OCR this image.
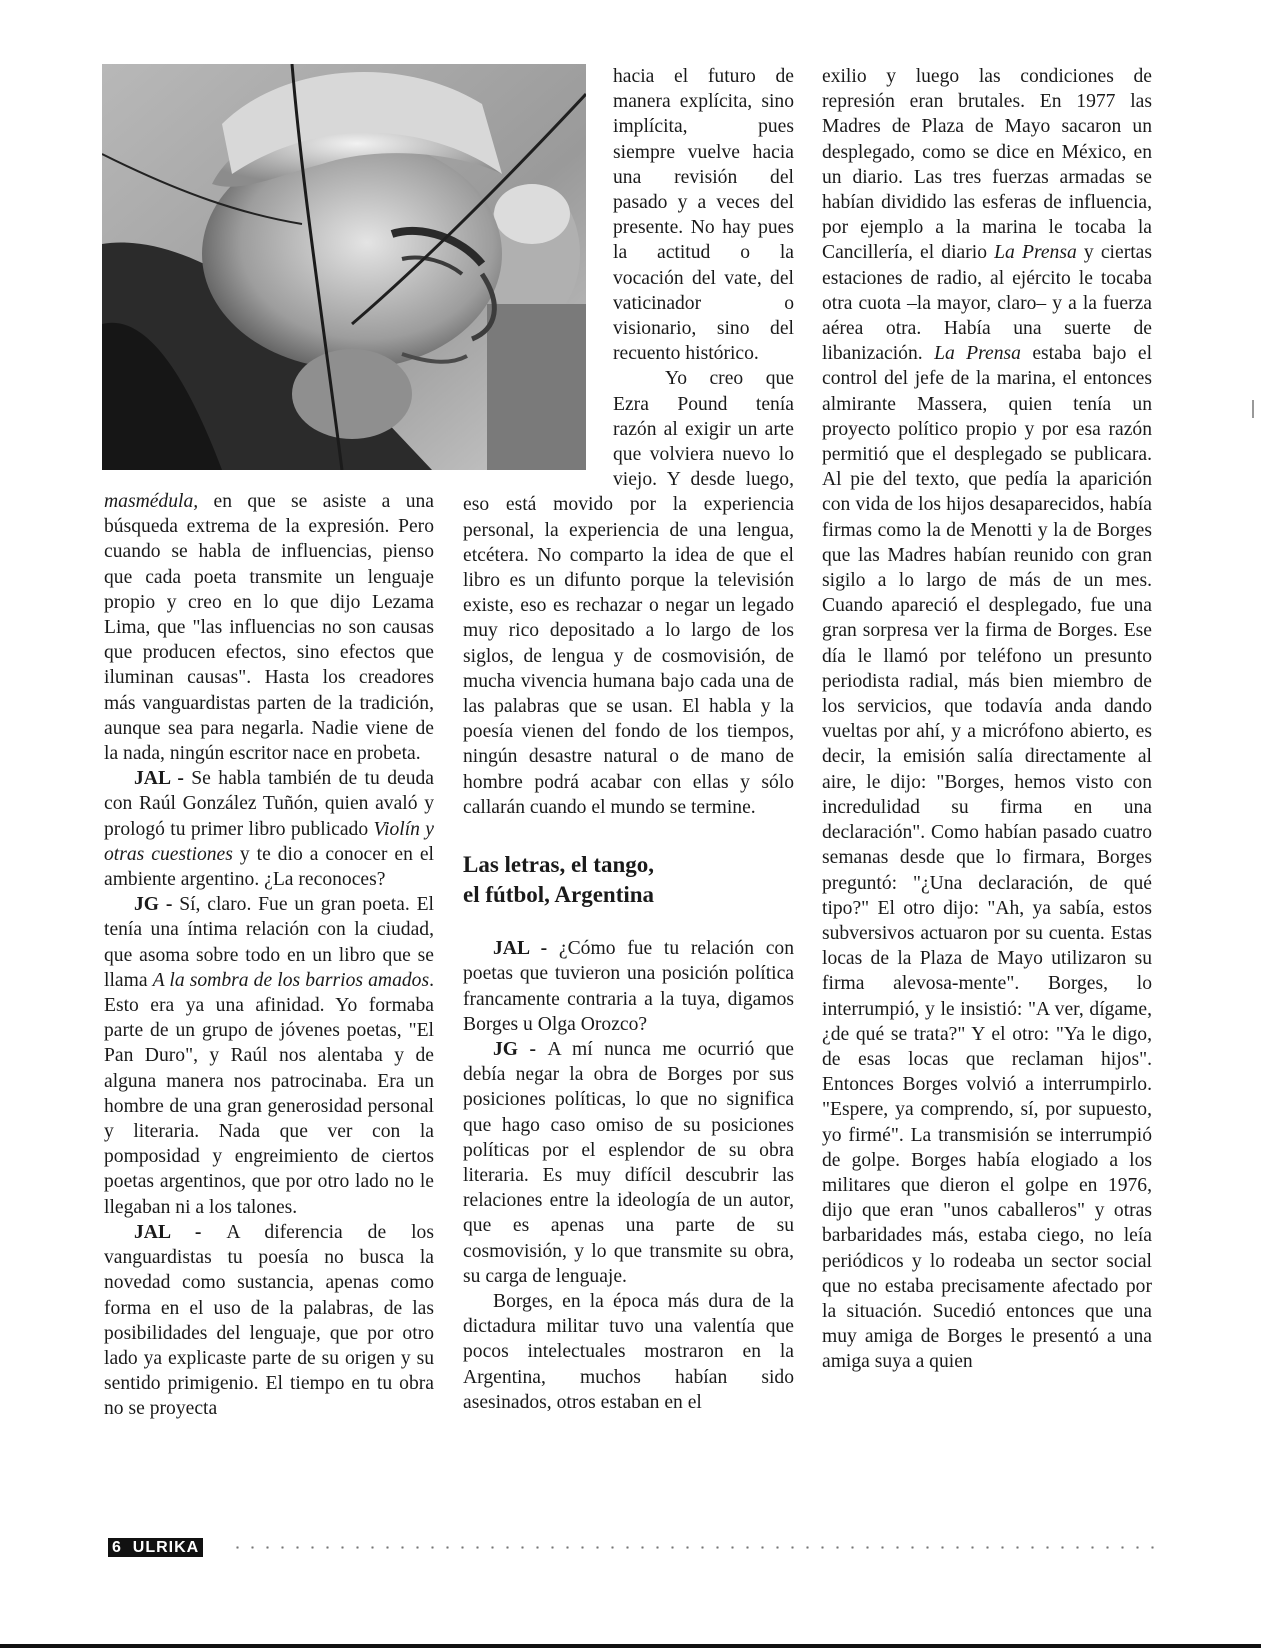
masmédula, en que se asiste a una búsqueda extrema de la expresión. Pero cuando se habla de influencias, pienso que cada poeta transmite un lenguaje propio y creo en lo que dijo Lezama Lima, que "las influencias no son causas que producen efectos, sino efectos que iluminan causas". Hasta los creadores más vanguardistas parten de la tradición, aunque sea para negarla. Nadie viene de la nada, ningún escritor nace en probeta.

JAL - Se habla también de tu deuda con Raúl González Tuñón, quien avaló y prologó tu primer libro publicado Violín y otras cuestiones y te dio a conocer en el ambiente argentino. ¿La reconoces?

JG - Sí, claro. Fue un gran poeta. El tenía una íntima relación con la ciudad, que asoma sobre todo en un libro que se llama A la sombra de los barrios amados. Esto era ya una afinidad. Yo formaba parte de un grupo de jóvenes poetas, "El Pan Duro", y Raúl nos alentaba y de alguna manera nos patrocinaba. Era un hombre de una gran generosidad personal y literaria. Nada que ver con la pomposidad y engreimiento de ciertos poetas argentinos, que por otro lado no le llegaban ni a los talones.

JAL - A diferencia de los vanguardistas tu poesía no busca la novedad como sustancia, apenas como forma en el uso de la palabras, de las posibilidades del lenguaje, que por otro lado ya explicaste parte de su origen y su sentido primigenio. El tiempo en tu obra no se proyecta

hacia el futuro de manera explícita, sino implícita, pues siempre vuelve hacia una revisión del pasado y a veces del presente. No hay pues la actitud o la vocación del vate, del vaticinador o visionario, sino del recuento histórico.

Yo creo que Ezra Pound tenía razón al exigir un arte que volviera nuevo lo viejo. Y desde luego, eso está movido por la experiencia personal, la experiencia de una lengua, etcétera. No comparto la idea de que el libro es un difunto porque la televisión existe, eso es rechazar o negar un legado muy rico depositado a lo largo de los siglos, de lengua y de cosmovisión, de mucha vivencia humana bajo cada una de las palabras que se usan. El habla y la poesía vienen del fondo de los tiempos, ningún desastre natural o de mano de hombre podrá acabar con ellas y sólo callarán cuando el mundo se termine.

Las letras, el tango,
el fútbol, Argentina

JAL - ¿Cómo fue tu relación con poetas que tuvieron una posición política francamente contraria a la tuya, digamos Borges u Olga Orozco?

JG - A mí nunca me ocurrió que debía negar la obra de Borges por sus posiciones políticas, lo que no significa que hago caso omiso de su posiciones políticas por el esplendor de su obra literaria. Es muy difícil descubrir las relaciones entre la ideología de un autor, que es apenas una parte de su cosmovisión, y lo que transmite su obra, su carga de lenguaje.

Borges, en la época más dura de la dictadura militar tuvo una valentía que pocos intelectuales mostraron en la Argentina, muchos habían sido asesinados, otros estaban en el

exilio y luego las condiciones de represión eran brutales. En 1977 las Madres de Plaza de Mayo sacaron un desplegado, como se dice en México, en un diario. Las tres fuerzas armadas se habían dividido las esferas de influencia, por ejemplo a la marina le tocaba la Cancillería, el diario La Prensa y ciertas estaciones de radio, al ejército le tocaba otra cuota –la mayor, claro– y a la fuerza aérea otra. Había una suerte de libanización. La Prensa estaba bajo el control del jefe de la marina, el entonces almirante Massera, quien tenía un proyecto político propio y por esa razón permitió que el desplegado se publicara. Al pie del texto, que pedía la aparición con vida de los hijos desaparecidos, había firmas como la de Menotti y la de Borges que las Madres habían reunido con gran sigilo a lo largo de más de un mes. Cuando apareció el desplegado, fue una gran sorpresa ver la firma de Borges. Ese día le llamó por teléfono un presunto periodista radial, más bien miembro de los servicios, que todavía anda dando vueltas por ahí, y a micrófono abierto, es decir, la emisión salía directamente al aire, le dijo: "Borges, hemos visto con incredulidad su firma en una declaración". Como habían pasado cuatro semanas desde que lo firmara, Borges preguntó: "¿Una declaración, de qué tipo?" El otro dijo: "Ah, ya sabía, estos subversivos actuaron por su cuenta. Estas locas de la Plaza de Mayo utilizaron su firma alevosa-mente". Borges, lo interrumpió, y le insistió: "A ver, dígame, ¿de qué se trata?" Y el otro: "Ya le digo, de esas locas que reclaman hijos". Entonces Borges volvió a interrumpirlo. "Espere, ya comprendo, sí, por supuesto, yo firmé". La transmisión se interrumpió de golpe. Borges había elogiado a los militares que dieron el golpe en 1976, dijo que eran "unos caballeros" y otras barbaridades más, estaba ciego, no leía periódicos y lo rodeaba un sector social que no estaba precisamente afectado por la situación. Sucedió entonces que una muy amiga de Borges le presentó a una amiga suya a quien

6 ULRIKA
